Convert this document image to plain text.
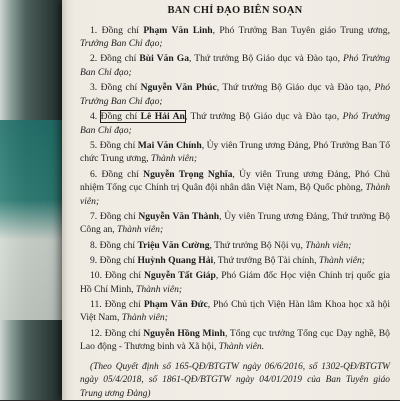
BAN CHỈ ĐẠO BIÊN SOẠN

1. Đồng chí Phạm Văn Linh, Phó Trưởng Ban Tuyên giáo Trung ương, Trưởng Ban Chỉ đạo;

2. Đồng chí Bùi Văn Ga, Thứ trưởng Bộ Giáo dục và Đào tạo, Phó Trưởng Ban Chỉ đạo;

3. Đồng chí Nguyễn Văn Phúc, Thứ trưởng Bộ Giáo dục và Đào tạo, Phó Trưởng Ban Chỉ đạo;

4. Đồng chí Lê Hải An, Thứ trưởng Bộ Giáo dục và Đào tạo, Phó Trưởng Ban Chỉ đạo;

5. Đồng chí Mai Văn Chính, Ủy viên Trung ương Đảng, Phó Trưởng Ban Tổ chức Trung ương, Thành viên;

6. Đồng chí Nguyễn Trọng Nghĩa, Ủy viên Trung ương Đảng, Phó Chủ nhiệm Tổng cục Chính trị Quân đội nhân dân Việt Nam, Bộ Quốc phòng, Thành viên;

7. Đồng chí Nguyễn Văn Thành, Ủy viên Trung ương Đảng, Thứ trưởng Bộ Công an, Thành viên;

8. Đồng chí Triệu Văn Cường, Thứ trưởng Bộ Nội vụ, Thành viên;

9. Đồng chí Huỳnh Quang Hải, Thứ trưởng Bộ Tài chính, Thành viên;

10. Đồng chí Nguyễn Tất Giáp, Phó Giám đốc Học viện Chính trị quốc gia Hồ Chí Minh, Thành viên;

11. Đồng chí Phạm Văn Đức, Phó Chủ tịch Viện Hàn lâm Khoa học xã hội Việt Nam, Thành viên;

12. Đồng chí Nguyễn Hồng Minh, Tổng cục trưởng Tổng cục Dạy nghề, Bộ Lao động - Thương binh và Xã hội, Thành viên.

(Theo Quyết định số 165-QĐ/BTGTW ngày 06/6/2016, số 1302-QĐ/BTGTW ngày 05/4/2018, số 1861-QĐ/BTGTW ngày 04/01/2019 của Ban Tuyên giáo Trung ương Đảng)
